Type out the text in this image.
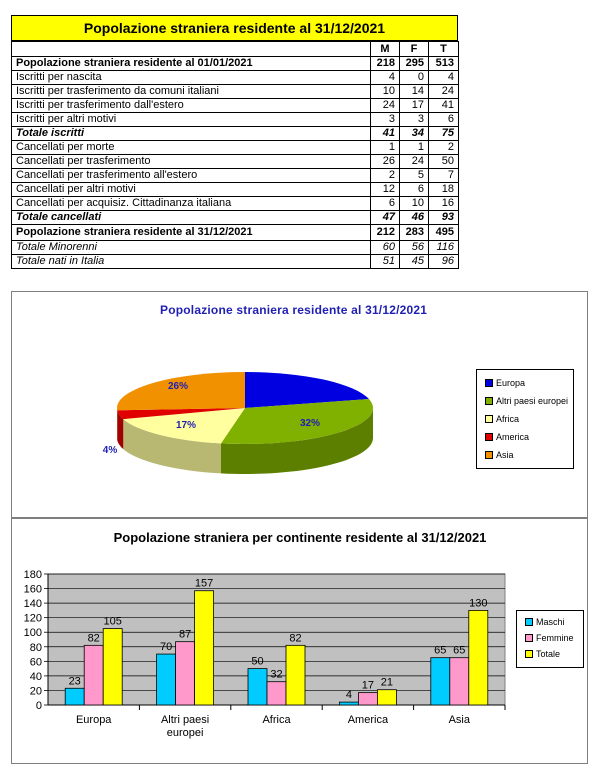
Popolazione straniera residente al 31/12/2021
	M	F	T
Popolazione straniera residente al 01/01/2021	218	295	513
Iscritti per nascita	4	0	4
Iscritti per trasferimento da comuni italiani	10	14	24
Iscritti per trasferimento dall'estero	24	17	41
Iscritti per altri motivi	3	3	6
Totale iscritti	41	34	75
Cancellati per morte	1	1	2
Cancellati per trasferimento	26	24	50
Cancellati per trasferimento all'estero	2	5	7
Cancellati per altri motivi	12	6	18
Cancellati per acquisiz. Cittadinanza italiana	6	10	16
Totale cancellati	47	46	93
Popolazione straniera residente al 31/12/2021	212	283	495
Totale Minorenni	60	56	116
Totale nati in Italia	51	45	96
Popolazione straniera residente al 31/12/2021
32%
17%
4%
26%	Europa
Altri paesi europei
Africa
America
Asia
Popolazione straniera per continente residente al 31/12/2021
0
20
40
60
80
100
120
140
160
180
23
82
105
Europa
70
87
157
Altri paesi europei
50
32
82
Africa
4
17 21
America
65 65
130
Asia
Maschi
Femmine
Totale
